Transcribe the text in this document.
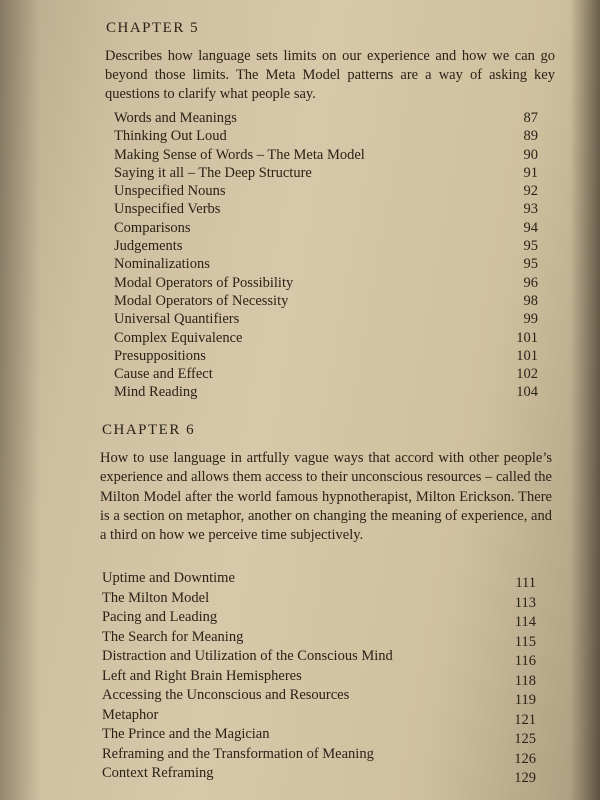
CHAPTER 5

Describes how language sets limits on our experience and how we can go beyond those limits. The Meta Model patterns are a way of asking key questions to clarify what people say.

Words and Meanings	87
Thinking Out Loud	89
Making Sense of Words – The Meta Model	90
Saying it all – The Deep Structure	91
Unspecified Nouns	92
Unspecified Verbs	93
Comparisons	94
Judgements	95
Nominalizations	95
Modal Operators of Possibility	96
Modal Operators of Necessity	98
Universal Quantifiers	99
Complex Equivalence	101
Presuppositions	101
Cause and Effect	102
Mind Reading	104
CHAPTER 6

How to use language in artfully vague ways that accord with other people’s experience and allows them access to their unconscious resources – called the Milton Model after the world famous hypnotherapist, Milton Erickson. There is a section on metaphor, another on changing the meaning of experience, and a third on how we perceive time subjectively.

Uptime and Downtime	111
The Milton Model	113
Pacing and Leading	114
The Search for Meaning	115
Distraction and Utilization of the Conscious Mind	116
Left and Right Brain Hemispheres	118
Accessing the Unconscious and Resources	119
Metaphor	121
The Prince and the Magician	125
Reframing and the Transformation of Meaning	126
Context Reframing	129
